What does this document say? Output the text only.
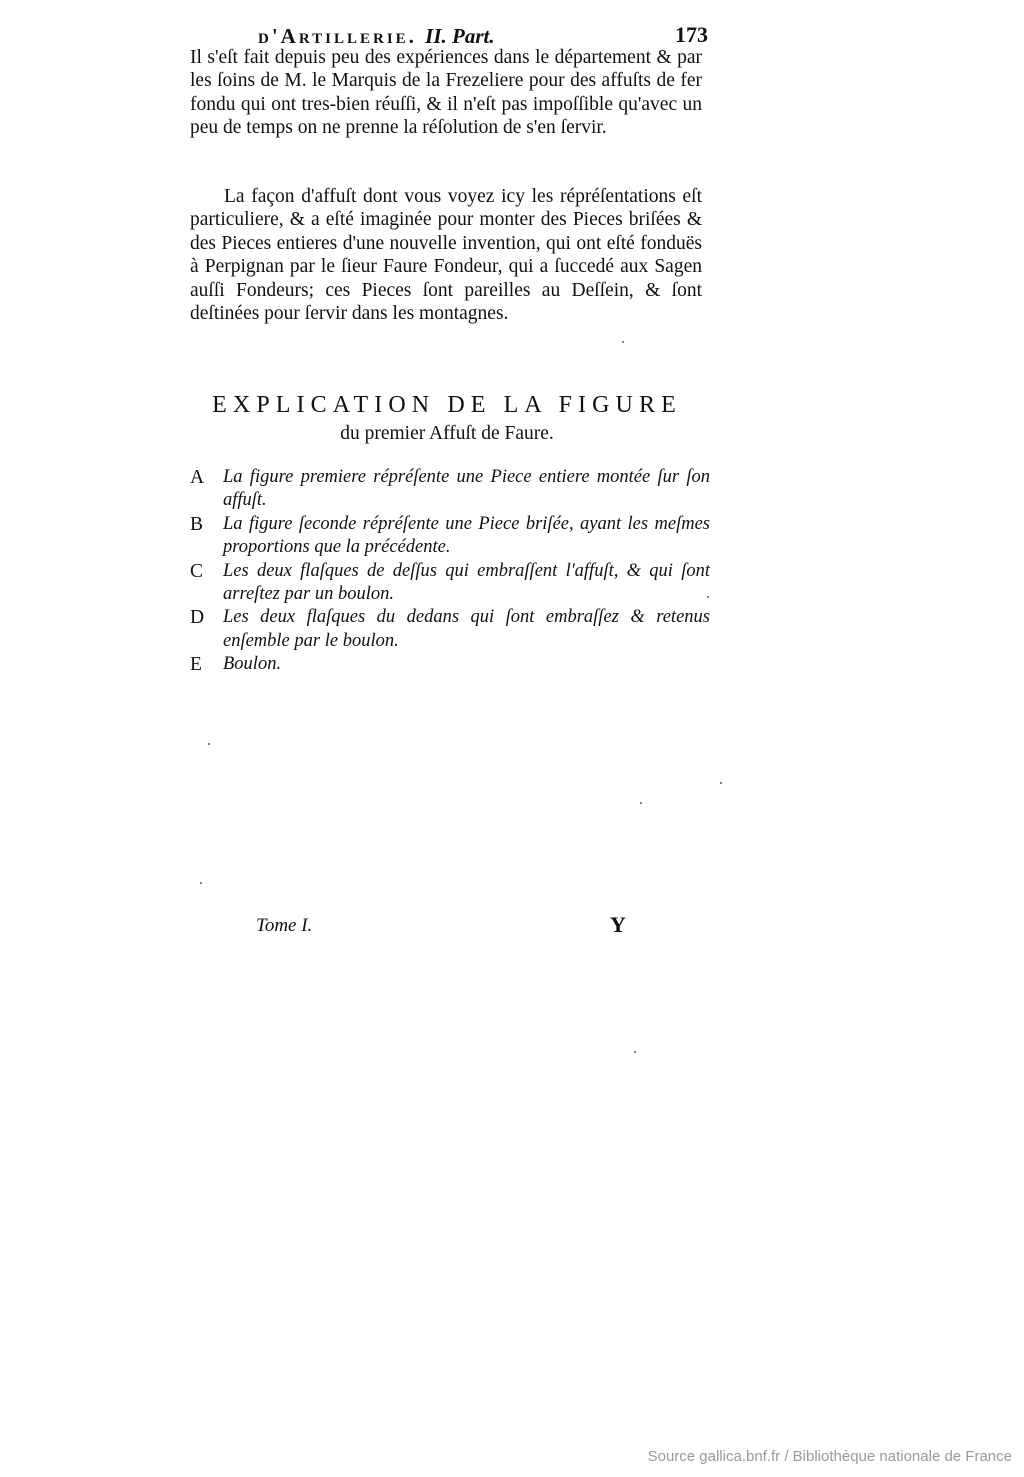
d'Artillerie. II. Part.	173

Il s'eſt fait depuis peu des expériences dans le département & par les ſoins de M. le Marquis de la Frezeliere pour des affuſts de fer fondu qui ont tres-bien réuſſi, & il n'eſt pas impoſſible qu'avec un peu de temps on ne prenne la réſolution de s'en ſervir.

La façon d'affuſt dont vous voyez icy les répréſentations eſt particuliere, & a eſté imaginée pour monter des Pieces briſées & des Pieces entieres d'une nouvelle invention, qui ont eſté fonduës à Perpignan par le ſieur Faure Fondeur, qui a ſuccedé aux Sagen auſſi Fondeurs; ces Pieces ſont pareilles au Deſſein, & ſont deſtinées pour ſervir dans les montagnes.

EXPLICATION DE LA FIGURE

du premier Affuſt de Faure.

A La figure premiere répréſente une Piece entiere montée ſur ſon affuſt.
B La figure ſeconde répréſente une Piece briſée, ayant les meſmes proportions que la précédente.
C Les deux flaſques de deſſus qui embraſſent l'affuſt, & qui ſont arreſtez par un boulon.
D Les deux flaſques du dedans qui ſont embraſſez & retenus enſemble par le boulon.
E Boulon.
Tome I.	Y
Source gallica.bnf.fr / Bibliothèque nationale de France
